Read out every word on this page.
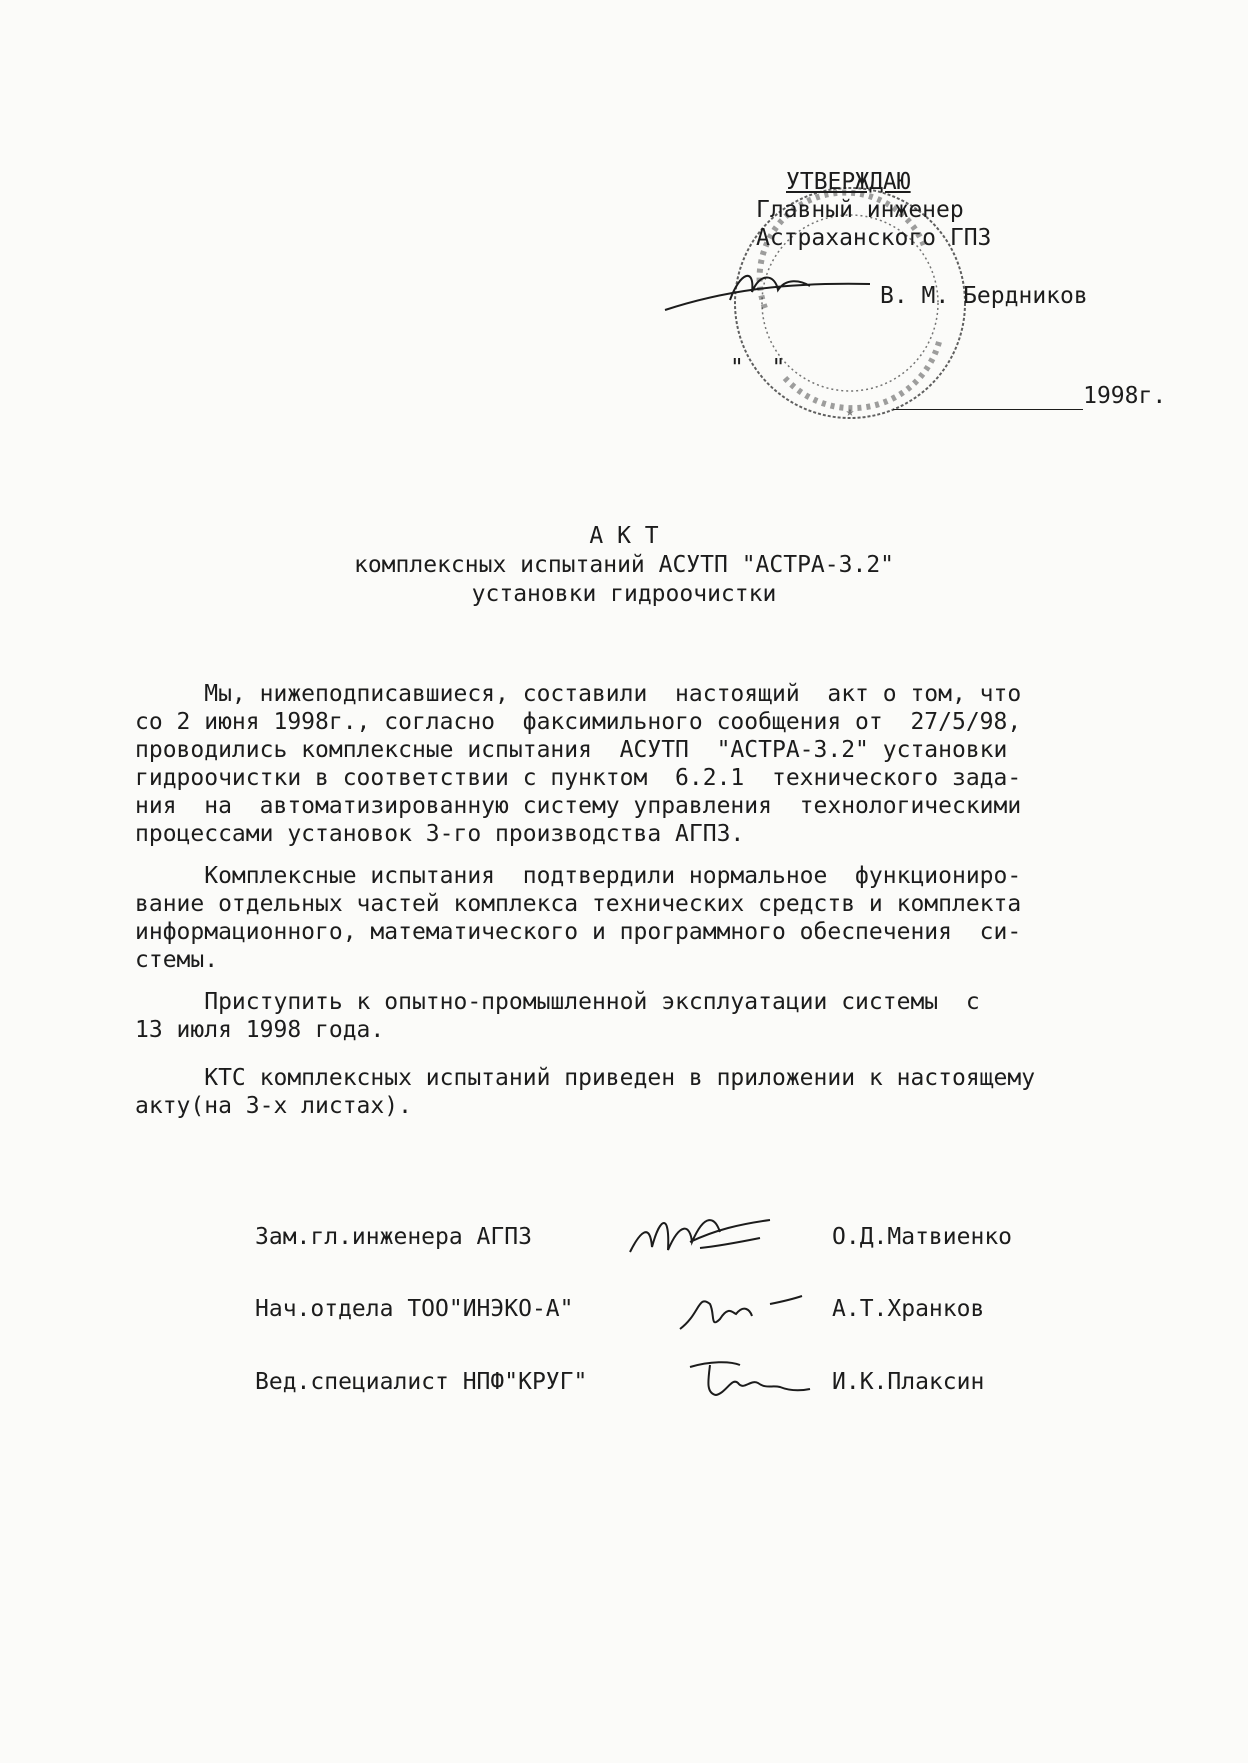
★
УТВЕРЖДАЮ
Главный инженер
Астраханского ГПЗ

В. М. Бердников

"  "

1998г.

А К Т
комплексных испытаний АСУТП "АСТРА-3.2"
установки гидроочистки
Мы, нижеподписавшиеся, составили  настоящий  акт о том, что
со 2 июня 1998г., согласно  факсимильного сообщения от  27/5/98,
проводились комплексные испытания  АСУТП  "АСТРА-3.2" установки
гидроочистки в соответствии с пунктом  6.2.1  технического зада-
ния  на  автоматизированную систему управления  технологическими
процессами установок 3-го производства АГПЗ.
Комплексные испытания  подтвердили нормальное  функциониро-
вание отдельных частей комплекса технических средств и комплекта
информационного, математического и программного обеспечения  си-
стемы.
Приступить к опытно-промышленной эксплуатации системы  с
13 июля 1998 года.
КТС комплексных испытаний приведен в приложении к настоящему
акту(на 3-х листах).
Зам.гл.инженера АГПЗ	О.Д.Матвиенко
Нач.отдела ТОО"ИНЭКО-А"	А.Т.Хранков
Вед.специалист НПФ"КРУГ"	И.К.Плаксин
